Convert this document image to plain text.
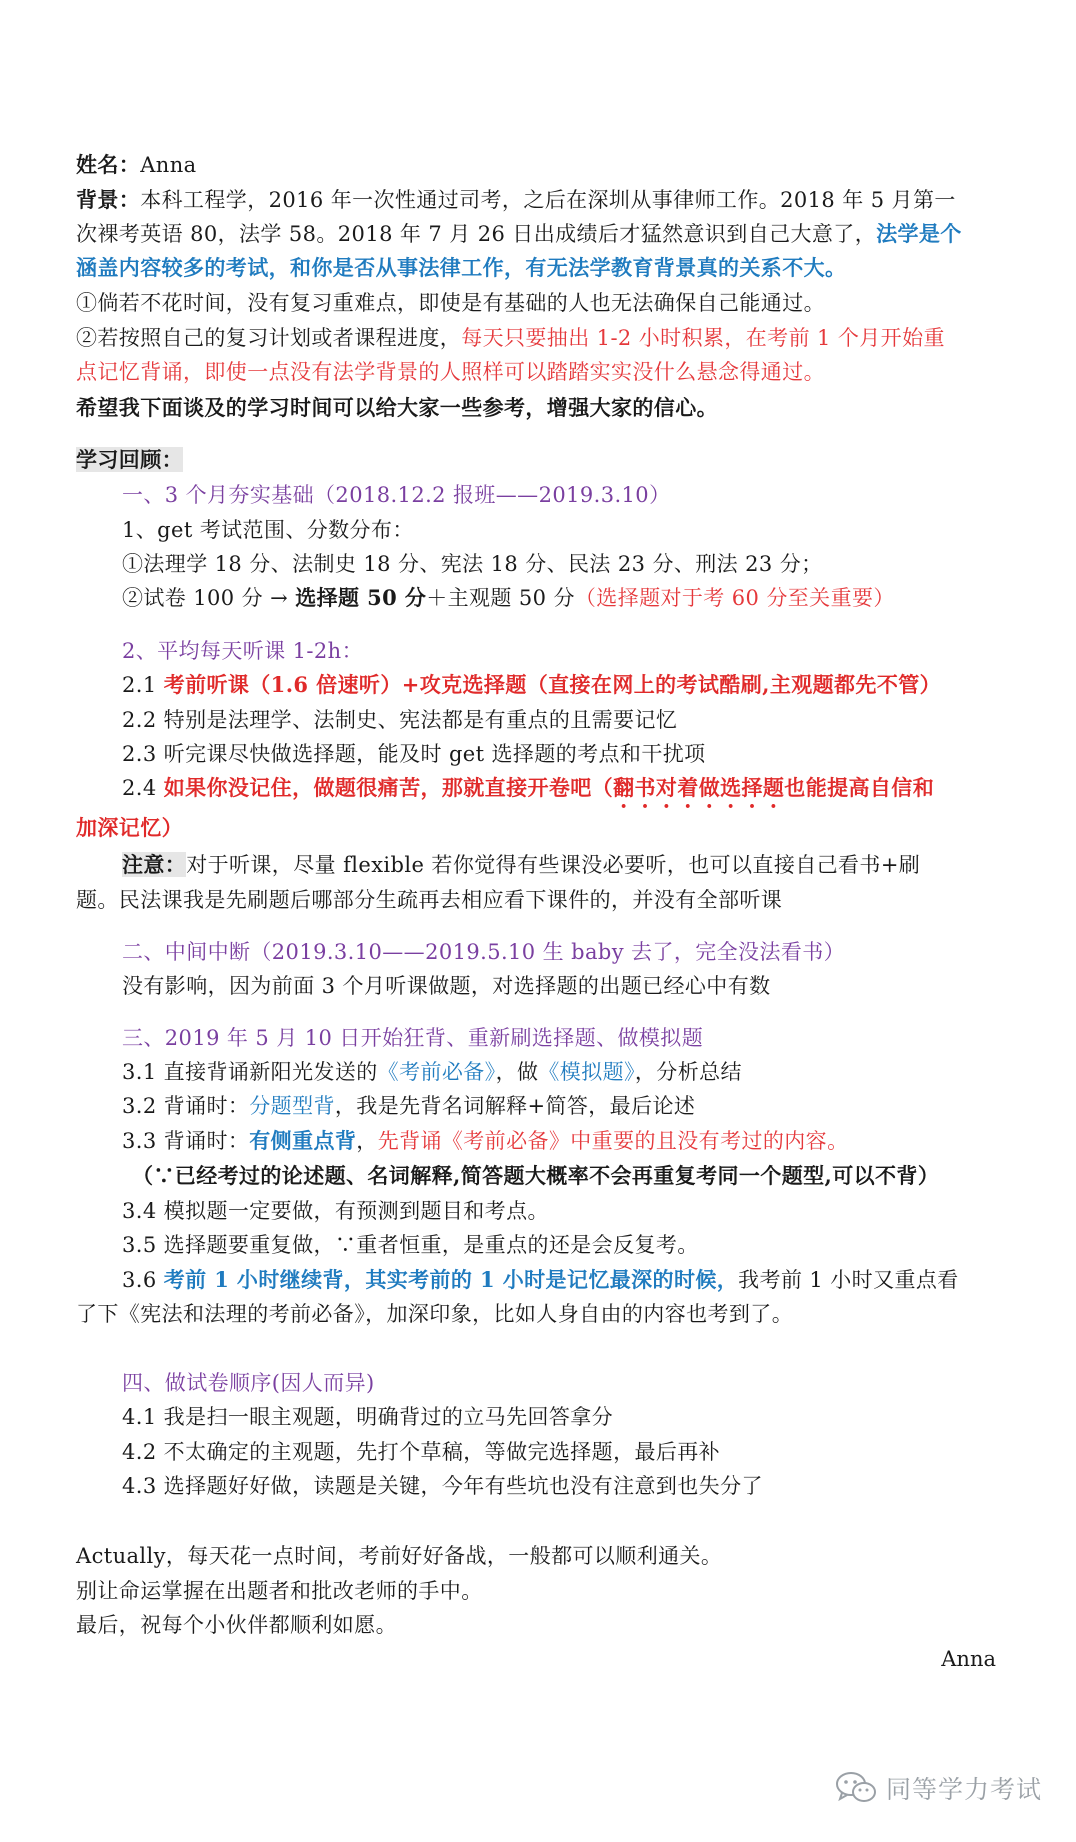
姓名：Anna
背景：本科工程学，2016 年一次性通过司考，之后在深圳从事律师工作。2018 年 5 月第一
次裸考英语 80，法学 58。2018 年 7 月 26 日出成绩后才猛然意识到自己大意了，法学是个
涵盖内容较多的考试，和你是否从事法律工作，有无法学教育背景真的关系不大。
①倘若不花时间，没有复习重难点，即使是有基础的人也无法确保自己能通过。
②若按照自己的复习计划或者课程进度，每天只要抽出 1-2 小时积累，在考前 1 个月开始重
点记忆背诵，即使一点没有法学背景的人照样可以踏踏实实没什么悬念得通过。
希望我下面谈及的学习时间可以给大家一些参考，增强大家的信心。
学习回顾：
一、3 个月夯实基础（2018.12.2 报班——2019.3.10）
1、get 考试范围、分数分布：
①法理学 18 分、法制史 18 分、宪法 18 分、民法 23 分、刑法 23 分；
②试卷 100 分 → 选择题 50 分＋主观题 50 分（选择题对于考 60 分至关重要）
2、平均每天听课 1-2h：
2.1 考前听课（1.6 倍速听）+攻克选择题（直接在网上的考试酷刷,主观题都先不管）
2.2 特别是法理学、法制史、宪法都是有重点的且需要记忆
2.3 听完课尽快做选择题，能及时 get 选择题的考点和干扰项
2.4 如果你没记住，做题很痛苦，那就直接开卷吧（翻书对着做选择题也能提高自信和
加深记忆）
注意：对于听课，尽量 flexible 若你觉得有些课没必要听，也可以直接自己看书+刷
题。民法课我是先刷题后哪部分生疏再去相应看下课件的，并没有全部听课
二、中间中断（2019.3.10——2019.5.10 生 baby 去了，完全没法看书）
没有影响，因为前面 3 个月听课做题，对选择题的出题已经心中有数
三、2019 年 5 月 10 日开始狂背、重新刷选择题、做模拟题
3.1 直接背诵新阳光发送的《考前必备》，做《模拟题》，分析总结
3.2 背诵时：分题型背，我是先背名词解释+简答，最后论述
3.3 背诵时：有侧重点背，先背诵《考前必备》中重要的且没有考过的内容。
（∵已经考过的论述题、名词解释,简答题大概率不会再重复考同一个题型,可以不背）
3.4 模拟题一定要做，有预测到题目和考点。
3.5 选择题要重复做，∵重者恒重，是重点的还是会反复考。
3.6 考前 1 小时继续背，其实考前的 1 小时是记忆最深的时候，我考前 1 小时又重点看
了下《宪法和法理的考前必备》，加深印象，比如人身自由的内容也考到了。
四、做试卷顺序(因人而异)
4.1 我是扫一眼主观题，明确背过的立马先回答拿分
4.2 不太确定的主观题，先打个草稿，等做完选择题，最后再补
4.3 选择题好好做，读题是关键，今年有些坑也没有注意到也失分了
Actually，每天花一点时间，考前好好备战，一般都可以顺利通关。
别让命运掌握在出题者和批改老师的手中。
最后，祝每个小伙伴都顺利如愿。
Anna
同等学力考试
